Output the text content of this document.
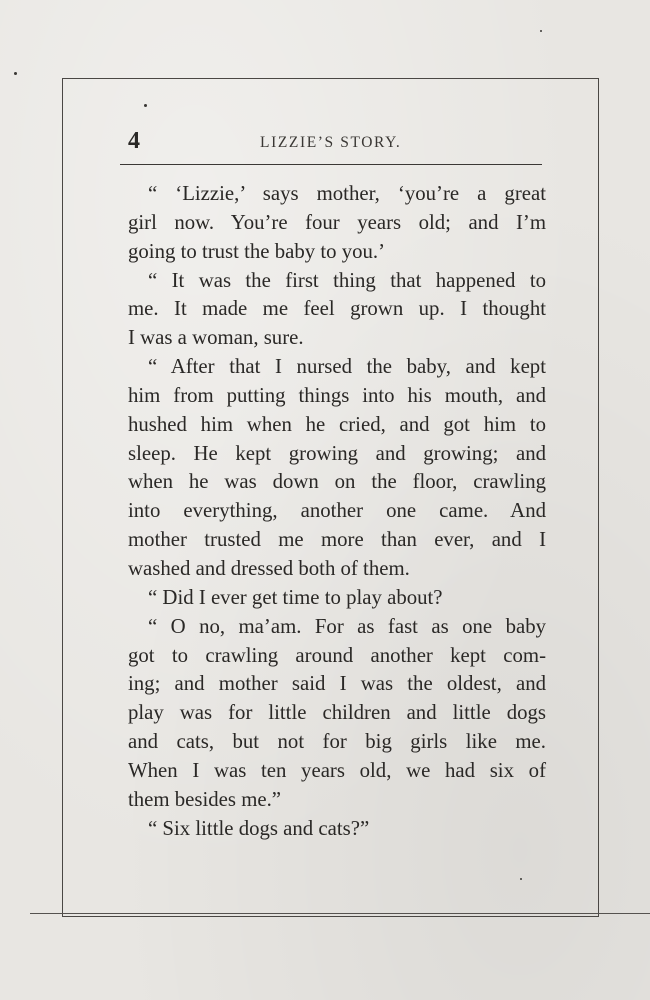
4	LIZZIE’S STORY.
“ ‘Lizzie,’ says mother, ‘you’re a great
girl now. You’re four years old; and I’m
going to trust the baby to you.’
“ It was the first thing that happened to
me. It made me feel grown up. I thought
I was a woman, sure.
“ After that I nursed the baby, and kept
him from putting things into his mouth, and
hushed him when he cried, and got him to
sleep. He kept growing and growing; and
when he was down on the floor, crawling
into everything, another one came. And
mother trusted me more than ever, and I
washed and dressed both of them.
“ Did I ever get time to play about?
“ O no, ma’am. For as fast as one baby
got to crawling around another kept com-
ing; and mother said I was the oldest, and
play was for little children and little dogs
and cats, but not for big girls like me.
When I was ten years old, we had six of
them besides me.”
“ Six little dogs and cats?”
